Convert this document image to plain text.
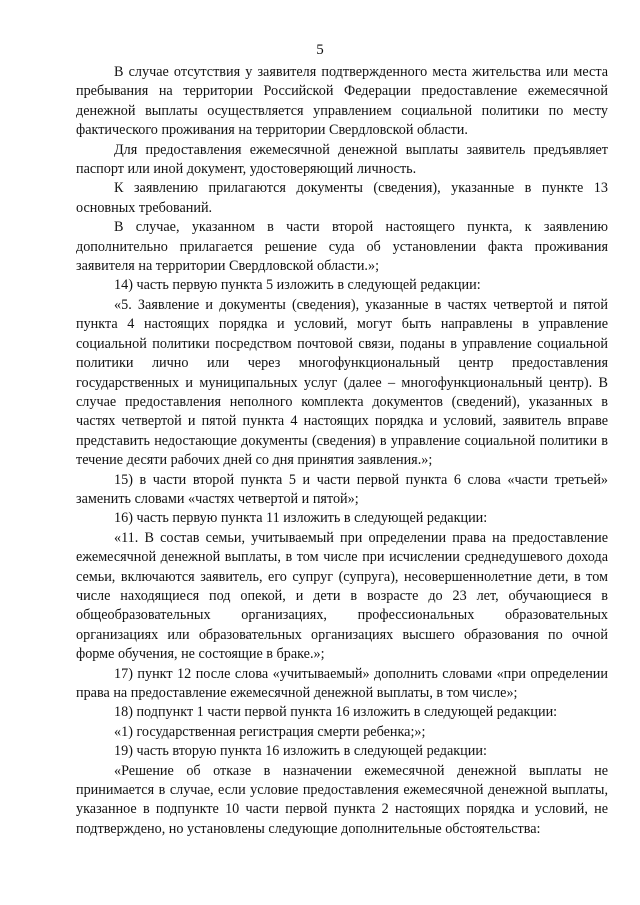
5

В случае отсутствия у заявителя подтвержденного места жительства или места пребывания на территории Российской Федерации предоставление ежемесячной денежной выплаты осуществляется управлением социальной политики по месту фактического проживания на территории Свердловской области.

Для предоставления ежемесячной денежной выплаты заявитель предъявляет паспорт или иной документ, удостоверяющий личность.

К заявлению прилагаются документы (сведения), указанные в пункте 13 основных требований.

В случае, указанном в части второй настоящего пункта, к заявлению дополнительно прилагается решение суда об установлении факта проживания заявителя на территории Свердловской области.»;

14) часть первую пункта 5 изложить в следующей редакции:

«5. Заявление и документы (сведения), указанные в частях четвертой и пятой пункта 4 настоящих порядка и условий, могут быть направлены в управление социальной политики посредством почтовой связи, поданы в управление социальной политики лично или через многофункциональный центр предоставления государственных и муниципальных услуг (далее – многофункциональный центр). В случае предоставления неполного комплекта документов (сведений), указанных в частях четвертой и пятой пункта 4 настоящих порядка и условий, заявитель вправе представить недостающие документы (сведения) в управление социальной политики в течение десяти рабочих дней со дня принятия заявления.»;

15) в части второй пункта 5 и части первой пункта 6 слова «части третьей» заменить словами «частях четвертой и пятой»;

16) часть первую пункта 11 изложить в следующей редакции:

«11. В состав семьи, учитываемый при определении права на предоставление ежемесячной денежной выплаты, в том числе при исчислении среднедушевого дохода семьи, включаются заявитель, его супруг (супруга), несовершеннолетние дети, в том числе находящиеся под опекой, и дети в возрасте до 23 лет, обучающиеся в общеобразовательных организациях, профессиональных образовательных организациях или образовательных организациях высшего образования по очной форме обучения, не состоящие в браке.»;

17) пункт 12 после слова «учитываемый» дополнить словами «при определении права на предоставление ежемесячной денежной выплаты, в том числе»;

18) подпункт 1 части первой пункта 16 изложить в следующей редакции:

«1) государственная регистрация смерти ребенка;»;

19) часть вторую пункта 16 изложить в следующей редакции:

«Решение об отказе в назначении ежемесячной денежной выплаты не принимается в случае, если условие предоставления ежемесячной денежной выплаты, указанное в подпункте 10 части первой пункта 2 настоящих порядка и условий, не подтверждено, но установлены следующие дополнительные обстоятельства:
